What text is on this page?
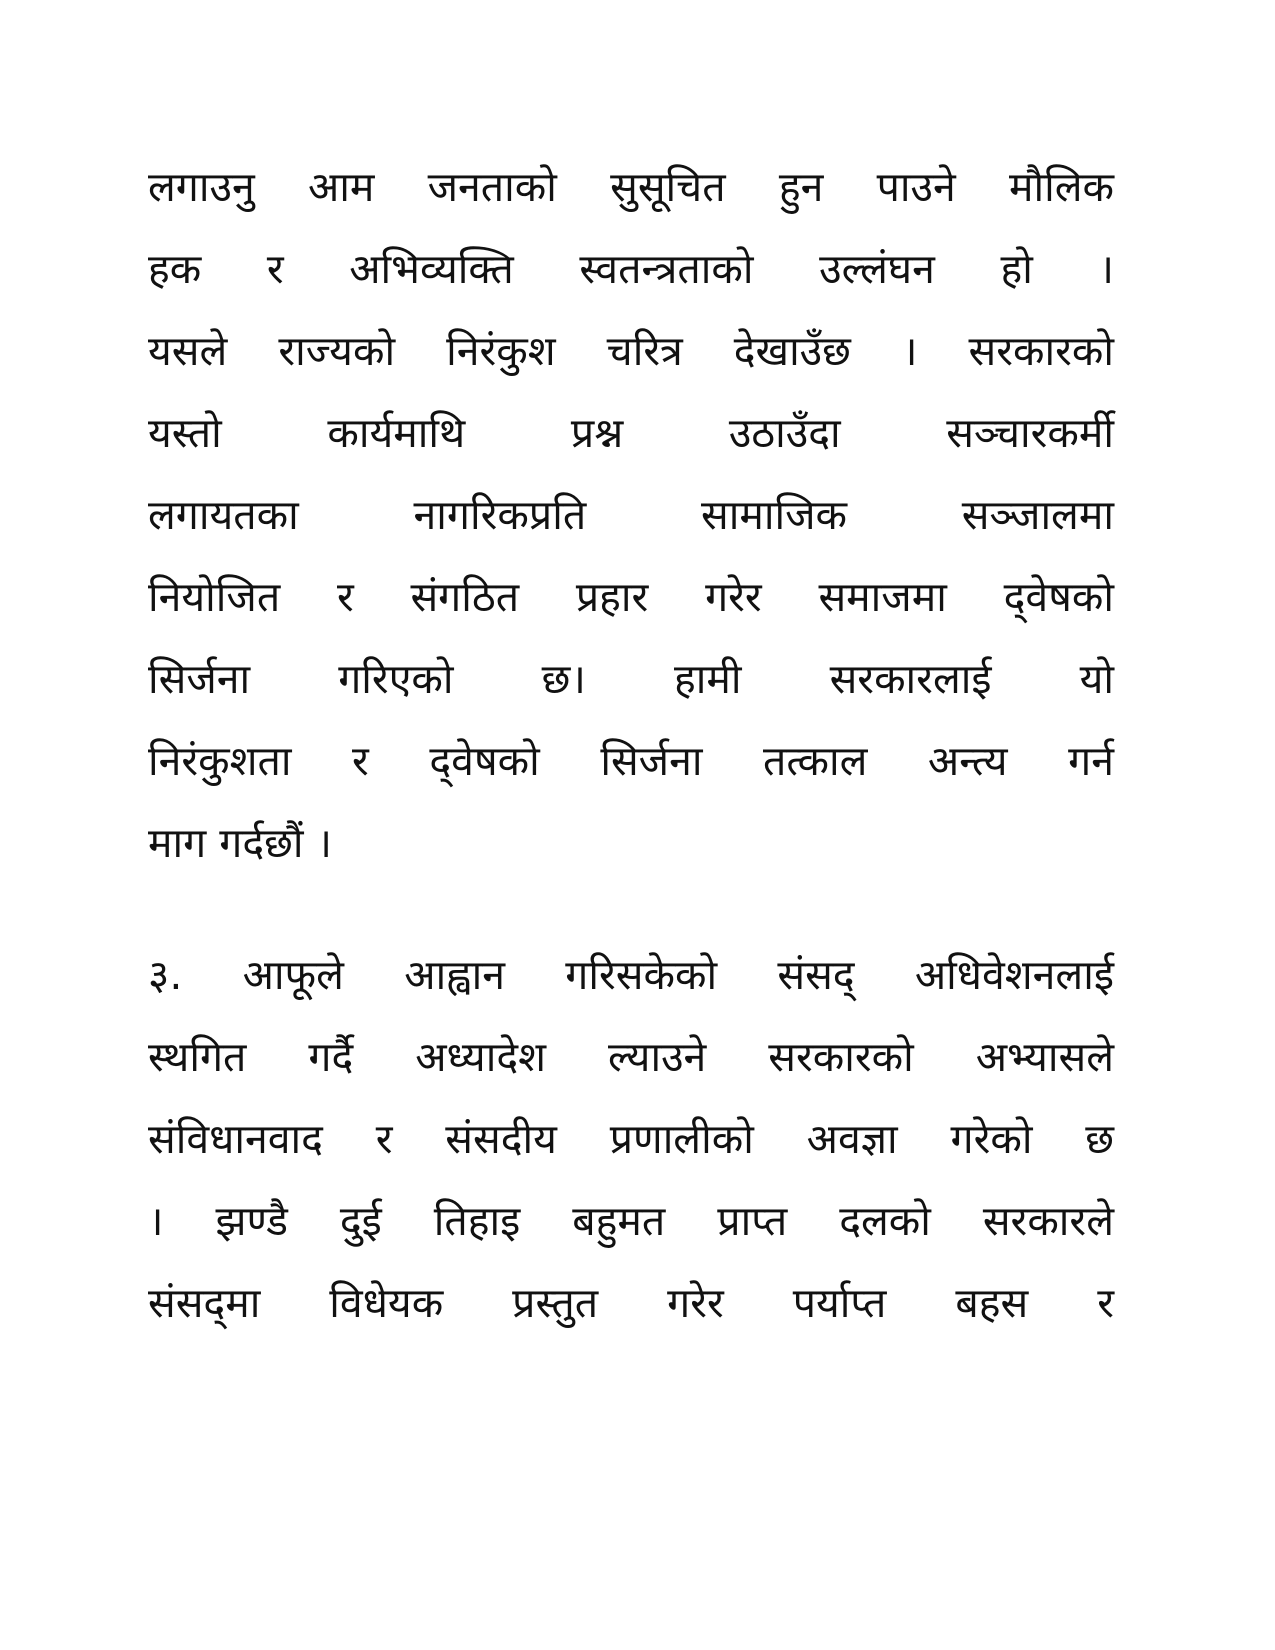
लगाउनु आम जनताको सुसूचित हुन पाउने मौलिक
हक र अभिव्यक्ति स्वतन्त्रताको उल्लंघन हो ।
यसले राज्यको निरंकुश चरित्र देखाउँछ । सरकारको
यस्तो कार्यमाथि प्रश्न उठाउँदा सञ्चारकर्मी
लगायतका नागरिकप्रति सामाजिक सञ्जालमा
नियोजित र संगठित प्रहार गरेर समाजमा द्‌वेषको
सिर्जना गरिएको छ। हामी सरकारलाई यो
निरंकुशता र द्‌वेषको सिर्जना तत्काल अन्त्य गर्न
माग गर्दछौं ।
३. आफूले आह्वान गरिसकेको संसद् अधिवेशनलाई
स्थगित गर्दै अध्यादेश ल्याउने सरकारको अभ्यासले
संविधानवाद र संसदीय प्रणालीको अवज्ञा गरेको छ
। झण्डै दुई तिहाइ बहुमत प्राप्त दलको सरकारले
संसद्‌मा विधेयक प्रस्तुत गरेर पर्याप्त बहस र
